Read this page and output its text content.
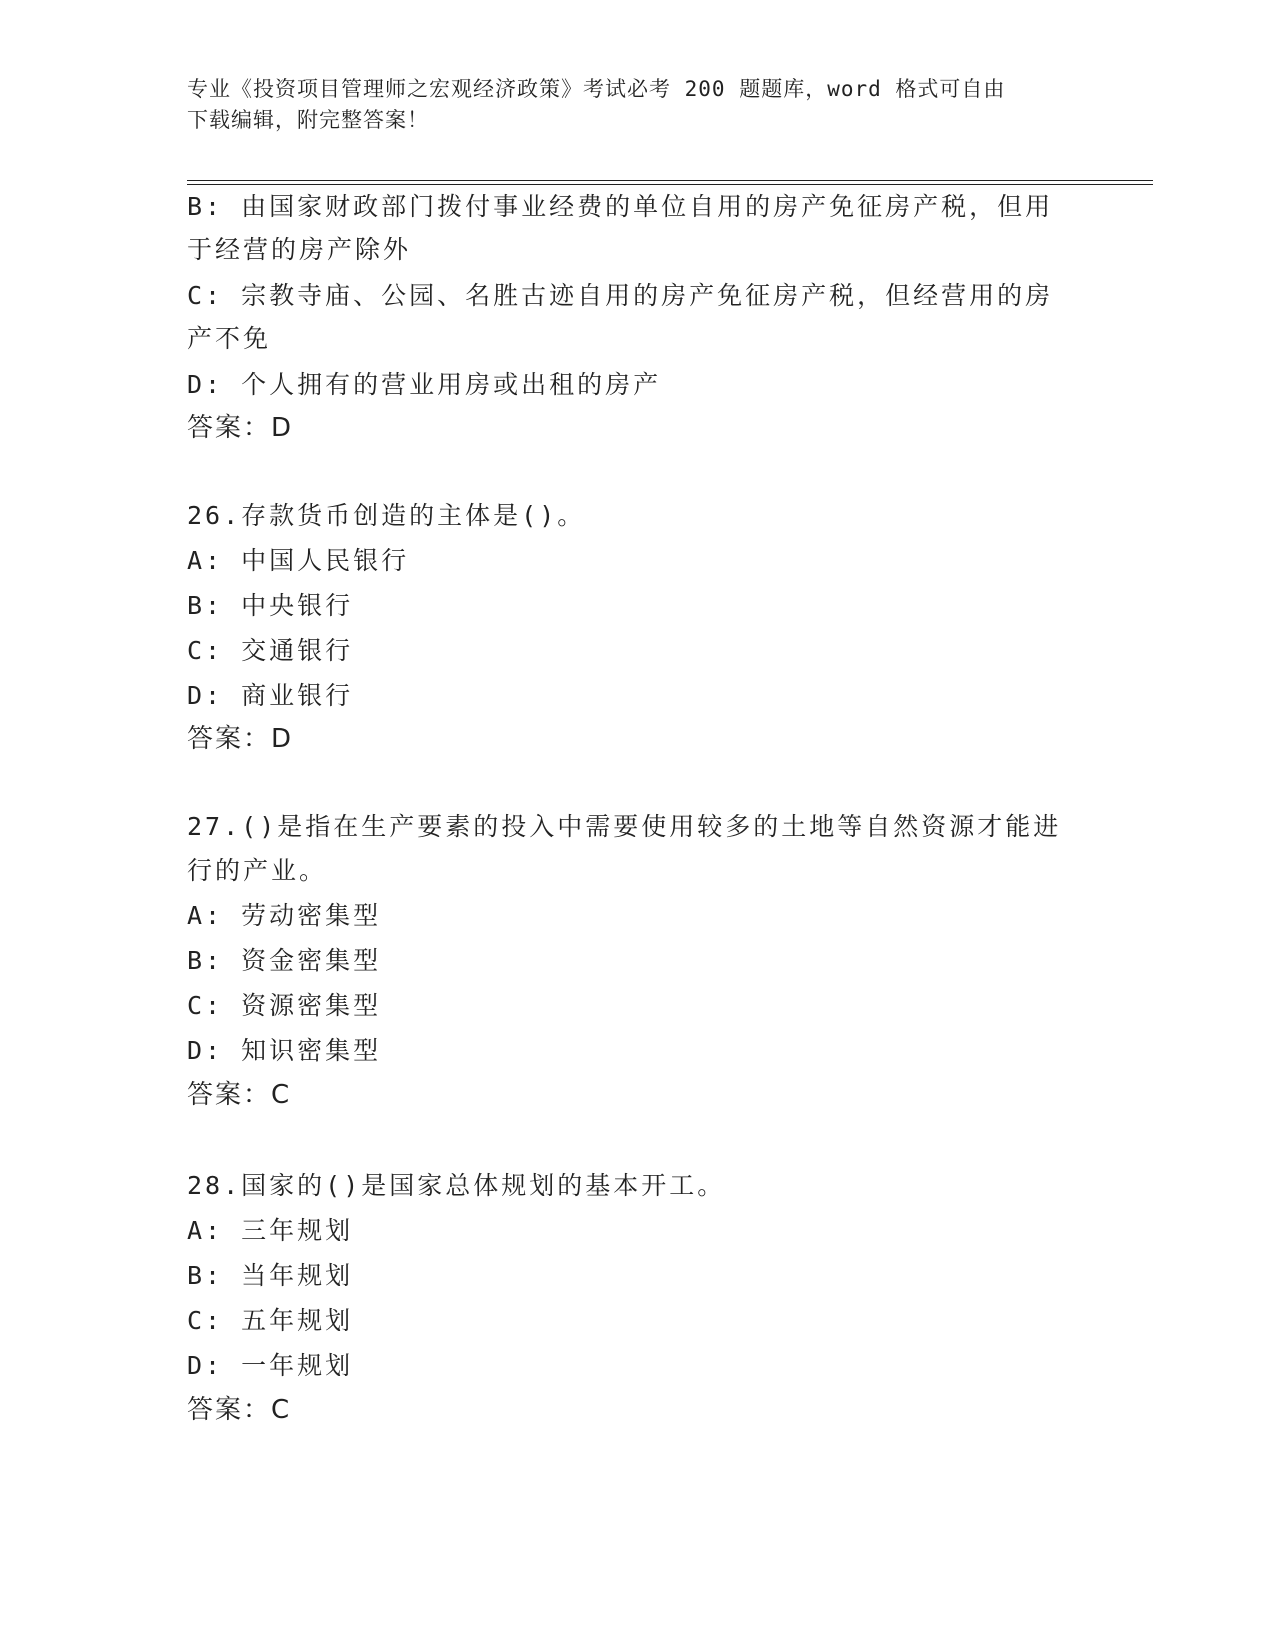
专业《投资项目管理师之宏观经济政策》考试必考 200 题题库，word 格式可自由
下载编辑，附完整答案！
B: 由国家财政部门拨付事业经费的单位自用的房产免征房产税，但用
于经营的房产除外
C: 宗教寺庙、公园、名胜古迹自用的房产免征房产税，但经营用的房
产不免
D: 个人拥有的营业用房或出租的房产
答案：D
26.存款货币创造的主体是()。
A: 中国人民银行
B: 中央银行
C: 交通银行
D: 商业银行
答案：D
27.()是指在生产要素的投入中需要使用较多的土地等自然资源才能进
行的产业。
A: 劳动密集型
B: 资金密集型
C: 资源密集型
D: 知识密集型
答案：C
28.国家的()是国家总体规划的基本开工。
A: 三年规划
B: 当年规划
C: 五年规划
D: 一年规划
答案：C
